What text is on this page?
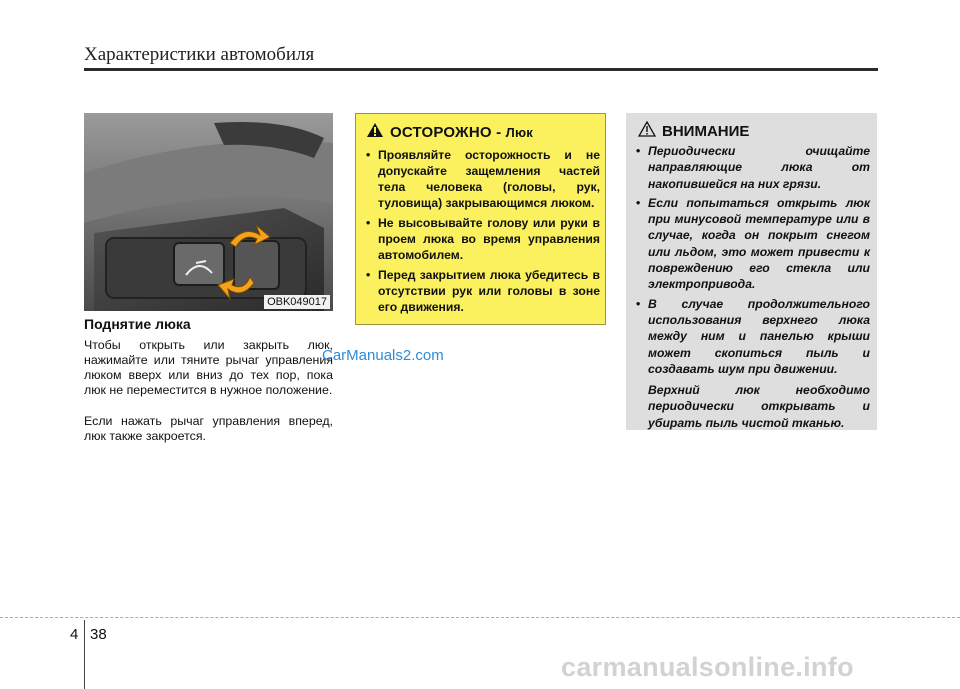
Характеристики автомобиля
OBK049017
Поднятие люка
Чтобы открыть или закрыть люк, нажимайте или тяните рычаг управления люком вверх или вниз до тех пор, пока люк не переместится в нужное положение.
Если нажать рычаг управления вперед, люк также закроется.
CarManuals2.com
ОСТОРОЖНО - Люк
• Проявляйте осторожность и не допускайте защемления частей тела человека (головы, рук, туловища) закрывающимся люком.
• Не высовывайте голову или руки в проем люка во время управления автомобилем.
• Перед закрытием люка убедитесь в отсутствии рук или головы в зоне его движения.
ВНИМАНИЕ
• Периодически очищайте направляющие люка от накопившейся на них грязи.
• Если попытаться открыть люк при минусовой температуре или в случае, когда он покрыт снегом или льдом, это может привести к повреждению его стекла или электропривода.
• В случае продолжительного использования верхнего люка между ним и панелью крыши может скопиться пыль и создавать шум при движении.
Верхний люк необходимо периодически открывать и убирать пыль чистой тканью.
4 38
carmanualsonline.info
